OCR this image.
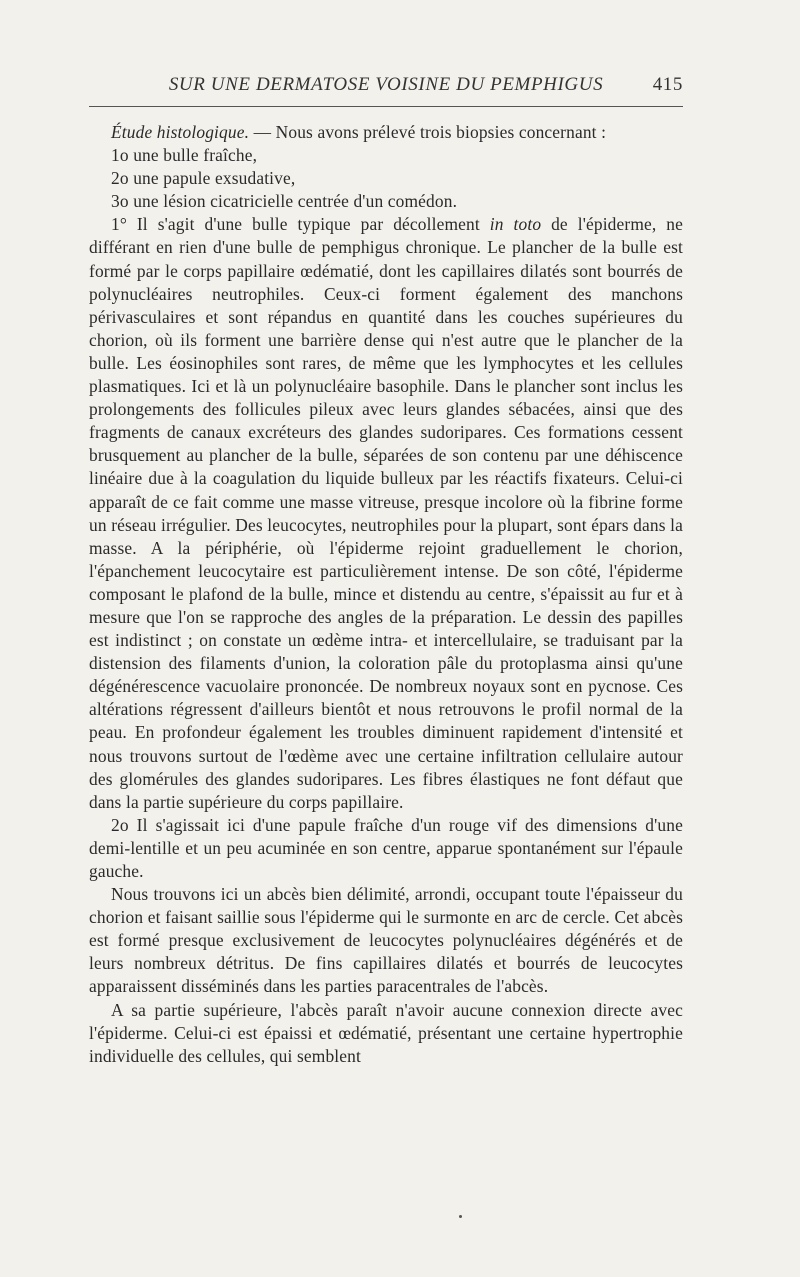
SUR UNE DERMATOSE VOISINE DU PEMPHIGUS	415

Étude histologique. — Nous avons prélevé trois biopsies concernant :

1o une bulle fraîche,

2o une papule exsudative,

3o une lésion cicatricielle centrée d'un comédon.

1° Il s'agit d'une bulle typique par décollement in toto de l'épiderme, ne différant en rien d'une bulle de pemphigus chronique. Le plancher de la bulle est formé par le corps papillaire œdématié, dont les capillaires dilatés sont bourrés de polynucléaires neutrophiles. Ceux-ci forment également des manchons périvasculaires et sont répandus en quantité dans les couches supérieures du chorion, où ils forment une barrière dense qui n'est autre que le plancher de la bulle. Les éosinophiles sont rares, de même que les lymphocytes et les cellules plasmatiques. Ici et là un polynucléaire basophile. Dans le plancher sont inclus les prolongements des follicules pileux avec leurs glandes sébacées, ainsi que des fragments de canaux excréteurs des glandes sudoripares. Ces formations cessent brusquement au plancher de la bulle, séparées de son contenu par une déhiscence linéaire due à la coagulation du liquide bulleux par les réactifs fixateurs. Celui-ci apparaît de ce fait comme une masse vitreuse, presque incolore où la fibrine forme un réseau irrégulier. Des leucocytes, neutrophiles pour la plupart, sont épars dans la masse. A la périphérie, où l'épiderme rejoint graduellement le chorion, l'épanchement leucocytaire est particulièrement intense. De son côté, l'épiderme composant le plafond de la bulle, mince et distendu au centre, s'épaissit au fur et à mesure que l'on se rapproche des angles de la préparation. Le dessin des papilles est indistinct ; on constate un œdème intra- et intercellulaire, se traduisant par la distension des filaments d'union, la coloration pâle du protoplasma ainsi qu'une dégénérescence vacuolaire prononcée. De nombreux noyaux sont en pycnose. Ces altérations régressent d'ailleurs bientôt et nous retrouvons le profil normal de la peau. En profondeur également les troubles diminuent rapidement d'intensité et nous trouvons surtout de l'œdème avec une certaine infiltration cellulaire autour des glomérules des glandes sudoripares. Les fibres élastiques ne font défaut que dans la partie supérieure du corps papillaire.

2o Il s'agissait ici d'une papule fraîche d'un rouge vif des dimensions d'une demi-lentille et un peu acuminée en son centre, apparue spontanément sur l'épaule gauche.

Nous trouvons ici un abcès bien délimité, arrondi, occupant toute l'épaisseur du chorion et faisant saillie sous l'épiderme qui le surmonte en arc de cercle. Cet abcès est formé presque exclusivement de leucocytes polynucléaires dégénérés et de leurs nombreux détritus. De fins capillaires dilatés et bourrés de leucocytes apparaissent disséminés dans les parties paracentrales de l'abcès.

A sa partie supérieure, l'abcès paraît n'avoir aucune connexion directe avec l'épiderme. Celui-ci est épaissi et œdématié, présentant une certaine hypertrophie individuelle des cellules, qui semblent
